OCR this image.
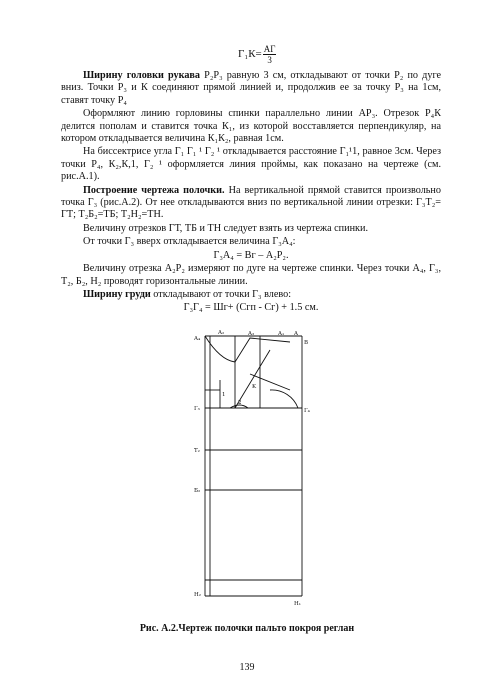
$Г_1К= \frac{АГ}{3}$

Ширину головки рукава Р₂Р₃ равную 3 см, откладывают от точки Р₂ по дуге вниз. Точки Р₃ и К соединяют прямой линией и, продолжив ее за точку Р₃ на 1см, ставят точку Р₄

Оформляют линию горловины спинки параллельно линии АР₃. Отрезок Р₄К делится пополам и ставится точка К₁, из которой восставляется перпендикуляр, на котором откладывается величина К₁К₂, равная 1см.

На биссектрисе угла Г₁ Г₁ ¹ Г₂ ¹ откладывается расстояние Г₁¹1, равное 3см. Через точки Р₄, К₂,К,1, Г₂ ¹ оформляется линия проймы, как показано на чертеже (см. рис.А.1).

Построение чертежа полочки. На вертикальной прямой ставится произвольно точка Г₃ (рис.А.2). От нее откладываются вниз по вертикальной линии отрезки: Г₃Т₂= ГТ; Т₂Б₂=ТБ; Т₂Н₂=ТН.

Величину отрезков ГТ, ТБ и ТН следует взять из чертежа спинки.

От точки Г₃ вверх откладывается величина Г₃А₄:

Г₃А₄ = Вг – А₂Р₂.

Величину отрезка А₂Р₂ измеряют по дуге на чертеже спинки. Через точки А₄, Г₃, Т₂, Б₂, Н₂ проводят горизонтальные линии.

Ширину груди откладывают от точки Г₃ влево:

Г₃Г₄ = Шг+ (Сгп - Сг) + 1.5 см.

A₄
A₂	A₃	A₁ A
B
Г₃	Г₄
Т₂
Б₂
Н₂
Н₁
K
1
2
Рис. А.2.Чертеж полочки пальто покроя реглан
139
